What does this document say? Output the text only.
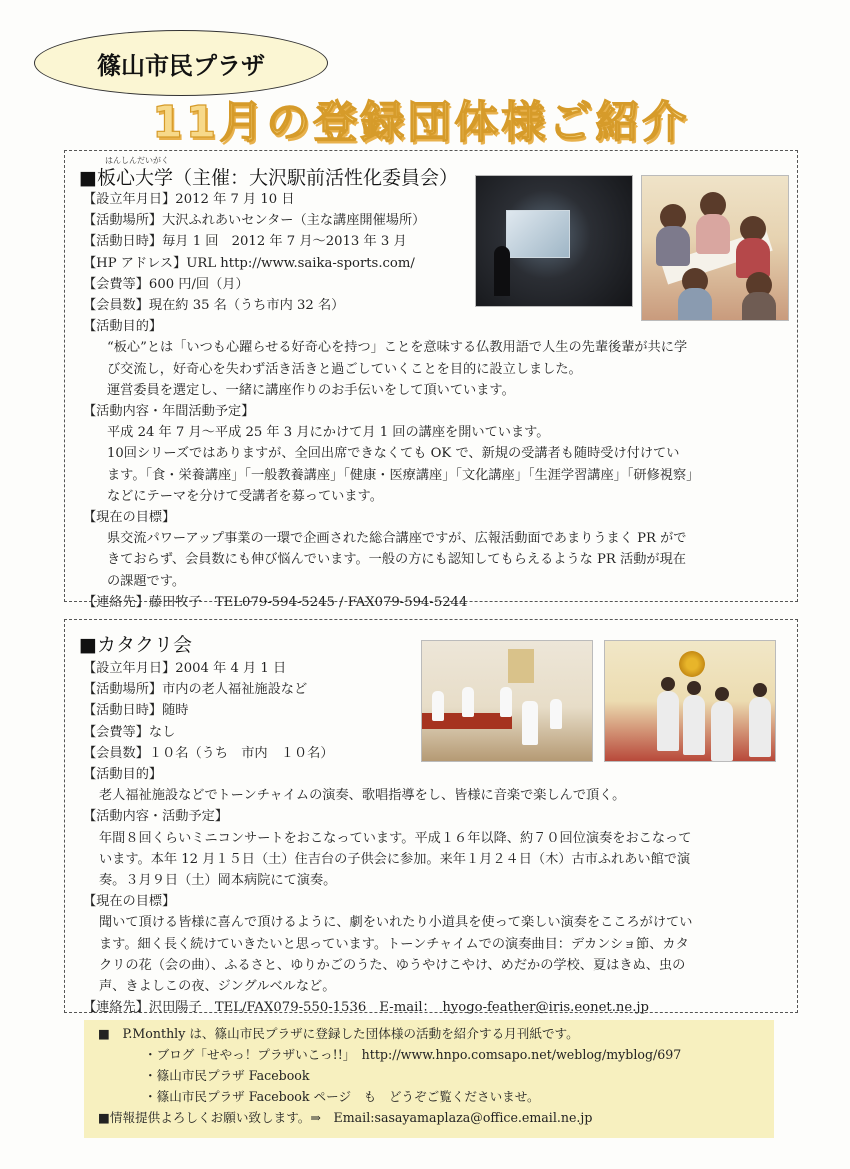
篠山市民プラザ
11月の登録団体様ご紹介
はんしんだいがく
■板心大学（主催：大沢駅前活性化委員会）
【設立年月日】2012 年 7 月 10 日
【活動場所】大沢ふれあいセンター（主な講座開催場所）
【活動日時】毎月 1 回　2012 年 7 月～2013 年 3 月
【HP アドレス】URL http://www.saika-sports.com/
【会費等】600 円/回（月）
【会員数】現在約 35 名（うち市内 32 名）
【活動目的】
“板心”とは「いつも心躍らせる好奇心を持つ」ことを意味する仏教用語で人生の先輩後輩が共に学
び交流し，好奇心を失わず活き活きと過ごしていくことを目的に設立しました。
運営委員を選定し、一緒に講座作りのお手伝いをして頂いています。
【活動内容・年間活動予定】
平成 24 年 7 月～平成 25 年 3 月にかけて月 1 回の講座を開いています。
10回シリーズではありますが、全回出席できなくても OK で、新規の受講者も随時受け付けてい
ます。「食・栄養講座」「一般教養講座」「健康・医療講座」「文化講座」「生涯学習講座」「研修視察」
などにテーマを分けて受講者を募っています。
【現在の目標】
県交流パワーアップ事業の一環で企画された総合講座ですが、広報活動面であまりうまく PR がで
きておらず、会員数にも伸び悩んでいます。一般の方にも認知してもらえるような PR 活動が現在
の課題です。
【連絡先】藤田牧子　TEL079-594-5245 / FAX079-594-5244
■カタクリ会
【設立年月日】2004 年 4 月 1 日
【活動場所】市内の老人福祉施設など
【活動日時】随時
【会費等】なし
【会員数】１０名（うち　市内　１０名）
【活動目的】
老人福祉施設などでトーンチャイムの演奏、歌唱指導をし、皆様に音楽で楽しんで頂く。
【活動内容・活動予定】
年間８回くらいミニコンサートをおこなっています。平成１６年以降、約７０回位演奏をおこなって
います。本年 12 月１５日（土）住吉台の子供会に参加。来年１月２４日（木）古市ふれあい館で演
奏。３月９日（土）岡本病院にて演奏。
【現在の目標】
聞いて頂ける皆様に喜んで頂けるように、劇をいれたり小道具を使って楽しい演奏をこころがけてい
ます。細く長く続けていきたいと思っています。トーンチャイムでの演奏曲目：デカンショ節、カタ
クリの花（会の曲）、ふるさと、ゆりかごのうた、ゆうやけこやけ、めだかの学校、夏はきぬ、虫の
声、きよしこの夜、ジングルベルなど。
【連絡先】沢田陽子　TEL/FAX079-550-1536　E-mail：　hyogo-feather@iris.eonet.ne.jp
■　P.Monthly は、篠山市民プラザに登録した団体様の活動を紹介する月刊紙です。
・ブログ「せやっ！プラザいこっ!!」　http://www.hnpo.comsapo.net/weblog/myblog/697
・篠山市民プラザ Facebook
・篠山市民プラザ Facebook ページ　も　どうぞご覧くださいませ。
■情報提供よろしくお願い致します。⇒　Email:sasayamaplaza@office.email.ne.jp
